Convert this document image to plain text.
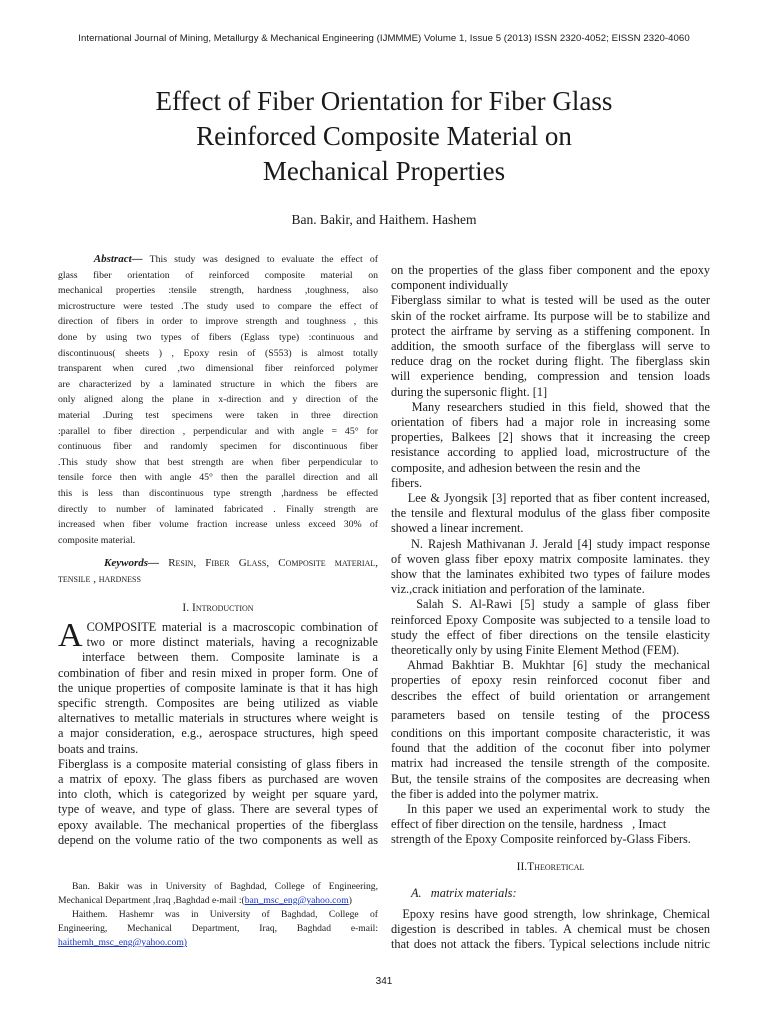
International Journal of Mining, Metallurgy & Mechanical Engineering (IJMMME) Volume 1, Issue 5 (2013) ISSN 2320-4052; EISSN 2320-4060
Effect of Fiber Orientation for Fiber Glass
Reinforced Composite Material on
Mechanical Properties
Ban. Bakir, and Haithem. Hashem
Abstract— This study was designed to evaluate the effect of
glass fiber orientation of reinforced composite material on
mechanical properties :tensile strength, hardness ,toughness, also
microstructure were tested .The study used to compare the effect of
direction of fibers in order to improve strength and toughness , this
done by using two types of fibers (Eglass type) :continuous and
discontinuous( sheets ) , Epoxy resin of (S553) is almost totally
transparent when cured ,two dimensional fiber reinforced polymer
are characterized by a laminated structure in which the fibers are
only aligned along the plane in x-direction and y direction of the
material .During test specimens were taken in three direction
:parallel to fiber direction , perpendicular and with angle = 45° for
continuous fiber and randomly specimen for discontinuous fiber
.This study show that best strength are when fiber perpendicular to
tensile force then with angle 45° then the parallel direction and all
this is less than discontinuous type strength ,hardness be effected
directly to number of laminated fabricated . Finally strength are
increased when fiber volume fraction increase unless exceed 30% of
composite material.
Keywords— Resin, Fiber Glass, Composite material,
tensile , hardness
I. Introduction
A COMPOSITE material is a macroscopic combination of
two or more distinct materials, having a recognizable
interface between them. Composite laminate is a
combination of fiber and resin mixed in proper form. One of
the unique properties of composite laminate is that it has high
specific strength. Composites are being utilized as viable
alternatives to metallic materials in structures where weight is
a major consideration, e.g., aerospace structures, high speed
boats and trains.
Fiberglass is a composite material consisting of glass fibers in
a matrix of epoxy. The glass fibers as purchased are woven
into cloth, which is categorized by weight per square yard,
type of weave, and type of glass. There are several types of
epoxy available. The mechanical properties of the fiberglass
depend on the volume ratio of the two components as well as
Ban. Bakir was in University of Baghdad, College of Engineering,
Mechanical Department ,Iraq ,Baghdad e-mail :(ban_msc_eng@yahoo.com)
Haithem. Hashemr was in University of Baghdad, College of
Engineering, Mechanical Department, Iraq, Baghdad e-mail:
haithemh_msc_eng@yahoo.com)
on the properties of the glass fiber component and the epoxy
component individually
Fiberglass similar to what is tested will be used as the outer
skin of the rocket airframe. Its purpose will be to stabilize and
protect the airframe by serving as a stiffening component. In
addition, the smooth surface of the fiberglass will serve to
reduce drag on the rocket during flight. The fiberglass skin
will experience bending, compression and tension loads
during the supersonic flight. [1]
Many researchers studied in this field, showed that the
orientation of fibers had a major role in increasing some
properties, Balkees [2] shows that it increasing the creep
resistance according to applied load, microstructure of the
composite, and adhesion between the resin and the
fibers.
Lee & Jyongsik [3] reported that as fiber content increased,
the tensile and flextural modulus of the glass fiber composite
showed a linear increment.
N. Rajesh Mathivanan J. Jerald [4] study impact response
of woven glass fiber epoxy matrix composite laminates. they
show that the laminates exhibited two types of failure modes
viz.,crack initiation and perforation of the laminate.
Salah S. Al-Rawi [5] study a sample of glass fiber
reinforced Epoxy Composite was subjected to a tensile load to
study the effect of fiber directions on the tensile elasticity
theoretically only by using Finite Element Method (FEM).
Ahmad Bakhtiar B. Mukhtar [6] study the mechanical
properties of epoxy resin reinforced coconut fiber and
describes the effect of build orientation or arrangement
parameters based on tensile testing of the process
conditions on this important composite characteristic, it was
found that the addition of the coconut fiber into polymer
matrix had increased the tensile strength of the composite.
But, the tensile strains of the composites are decreasing when
the fiber is added into the polymer matrix.
In this paper we used an experimental work to study  the
effect of fiber direction on the tensile, hardness   , Imact
strength of the Epoxy Composite reinforced by-Glass Fibers.
II.Theoretical
A.   matrix materials:
Epoxy resins have good strength, low shrinkage, Chemical
digestion is described in tables. A chemical must be chosen
that does not attack the fibers. Typical selections include nitric
341
